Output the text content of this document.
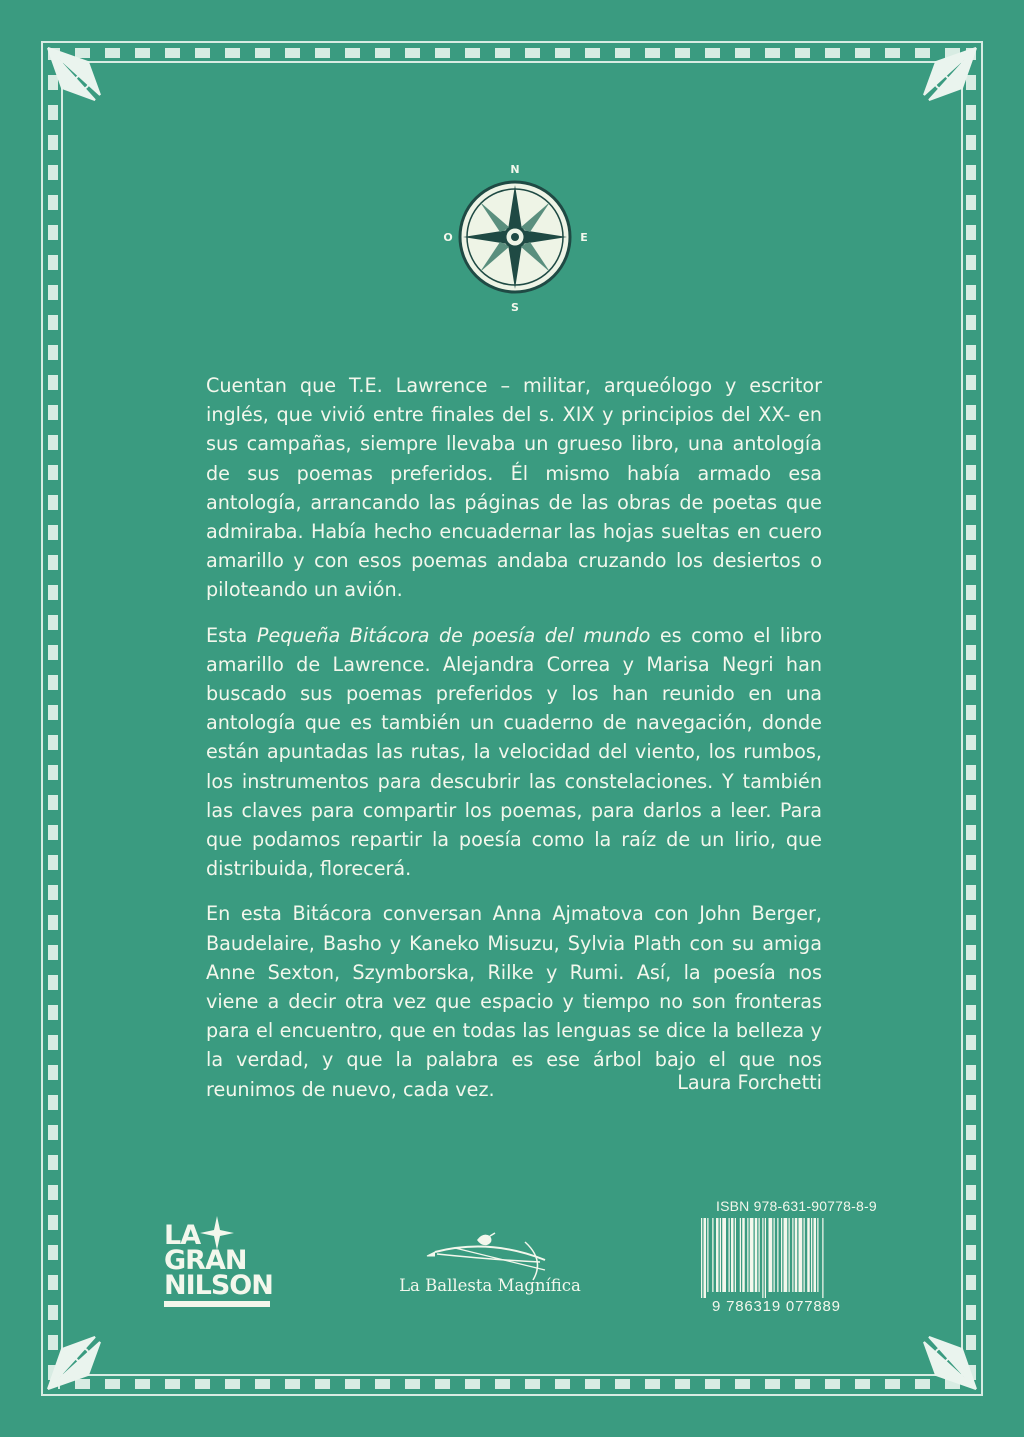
N
S
O	E

Cuentan que T.E. Lawrence – militar, arqueólogo y escritor inglés, que vivió entre finales del s. XIX y principios del XX- en sus campañas, siempre llevaba un grueso libro, una antología de sus poemas preferidos. Él mismo había armado esa antología, arrancando las páginas de las obras de poetas que admiraba. Había hecho encuadernar las hojas sueltas en cuero amarillo y con esos poemas andaba cruzando los desiertos o piloteando un avión.

Esta Pequeña Bitácora de poesía del mundo es como el libro amarillo de Lawrence. Alejandra Correa y Marisa Negri han buscado sus poemas preferidos y los han reunido en una antología que es también un cuaderno de navegación, donde están apuntadas las rutas, la velocidad del viento, los rumbos, los instrumentos para descubrir las constelaciones. Y también las claves para compartir los poemas, para darlos a leer. Para que podamos repartir la poesía como la raíz de un lirio, que distribuida, florecerá.

En esta Bitácora conversan Anna Ajmatova con John Berger, Baudelaire, Basho y Kaneko Misuzu, Sylvia Plath con su amiga Anne Sexton, Szymborska, Rilke y Rumi. Así, la poesía nos viene a decir otra vez que espacio y tiempo no son fronteras para el encuentro, que en todas las lenguas se dice la belleza y la verdad, y que la palabra es ese árbol bajo el que nos reunimos de nuevo, cada vez.	Laura Forchetti
LA
GRAN
NILSON	La Ballesta Magnífica
ISBN 978-631-90778-8-9
9 786319 077889
